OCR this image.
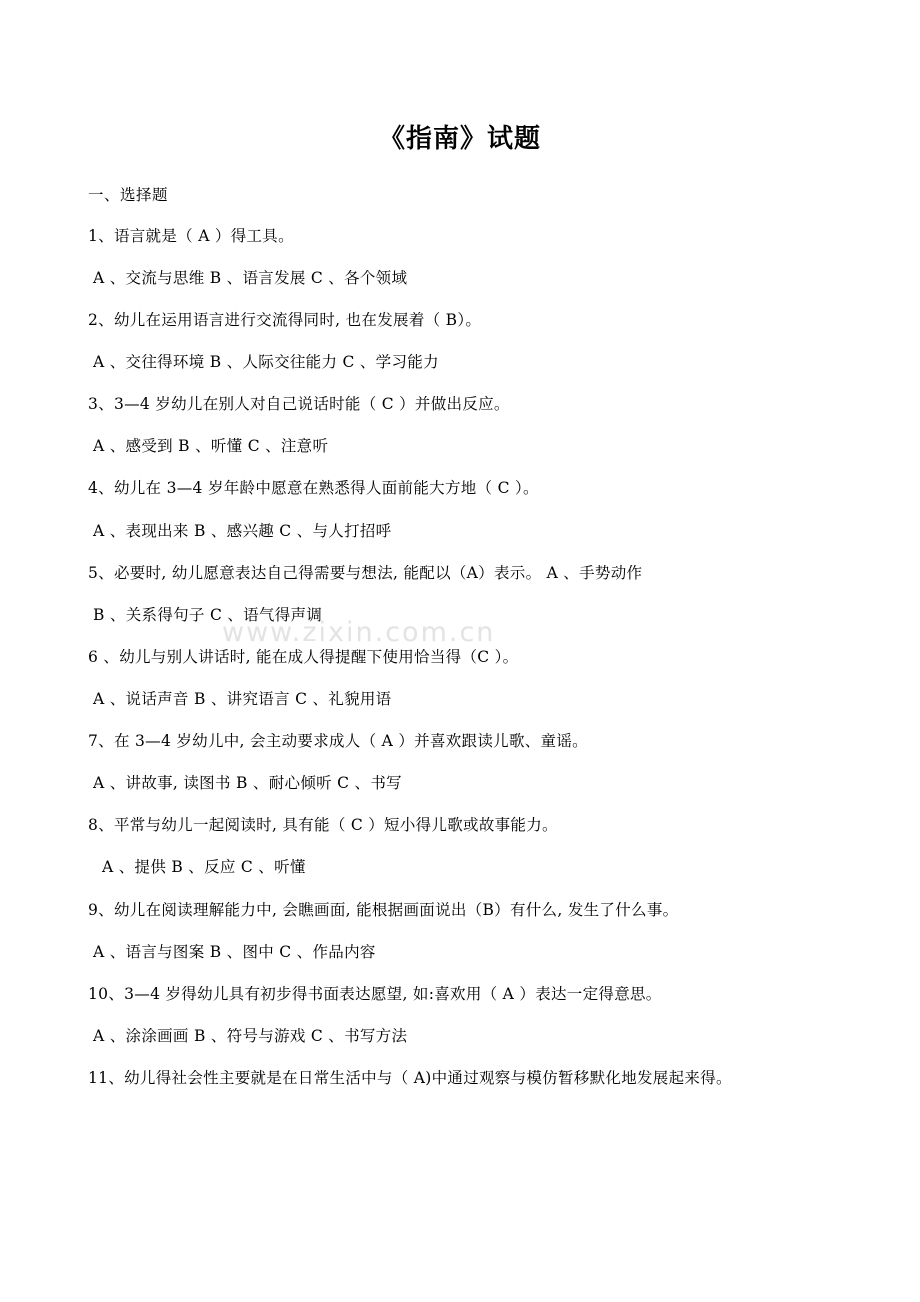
www.zixin.com.cn
《指南》试题

一、选择题

1、语言就是（ A ）得工具。

A 、交流与思维 B 、语言发展 C 、各个领域

2、幼儿在运用语言进行交流得同时, 也在发展着（ B）。

A 、交往得环境 B 、人际交往能力 C 、学习能力

3、3—4 岁幼儿在别人对自己说话时能（ C ）并做出反应。

A 、感受到 B 、听懂 C 、注意听

4、幼儿在 3—4 岁年龄中愿意在熟悉得人面前能大方地（ C ）。

A 、表现出来 B 、感兴趣 C 、与人打招呼

5、必要时, 幼儿愿意表达自己得需要与想法, 能配以（A）表示。 A 、手势动作

B 、关系得句子 C 、语气得声调

6 、幼儿与别人讲话时, 能在成人得提醒下使用恰当得（C ）。

A 、说话声音 B 、讲究语言 C 、礼貌用语

7、在 3—4 岁幼儿中, 会主动要求成人（ A ）并喜欢跟读儿歌、童谣。

A 、讲故事, 读图书 B 、耐心倾听 C 、书写

8、平常与幼儿一起阅读时, 具有能（ C ）短小得儿歌或故事能力。

A 、提供 B 、反应 C 、听懂

9、幼儿在阅读理解能力中, 会瞧画面, 能根据画面说出（B）有什么, 发生了什么事。

A 、语言与图案 B 、图中 C 、作品内容

10、3—4 岁得幼儿具有初步得书面表达愿望, 如:喜欢用（ A ）表达一定得意思。

A 、涂涂画画 B 、符号与游戏 C 、书写方法

11、幼儿得社会性主要就是在日常生活中与（ A)中通过观察与模仿暂移默化地发展起来得。
